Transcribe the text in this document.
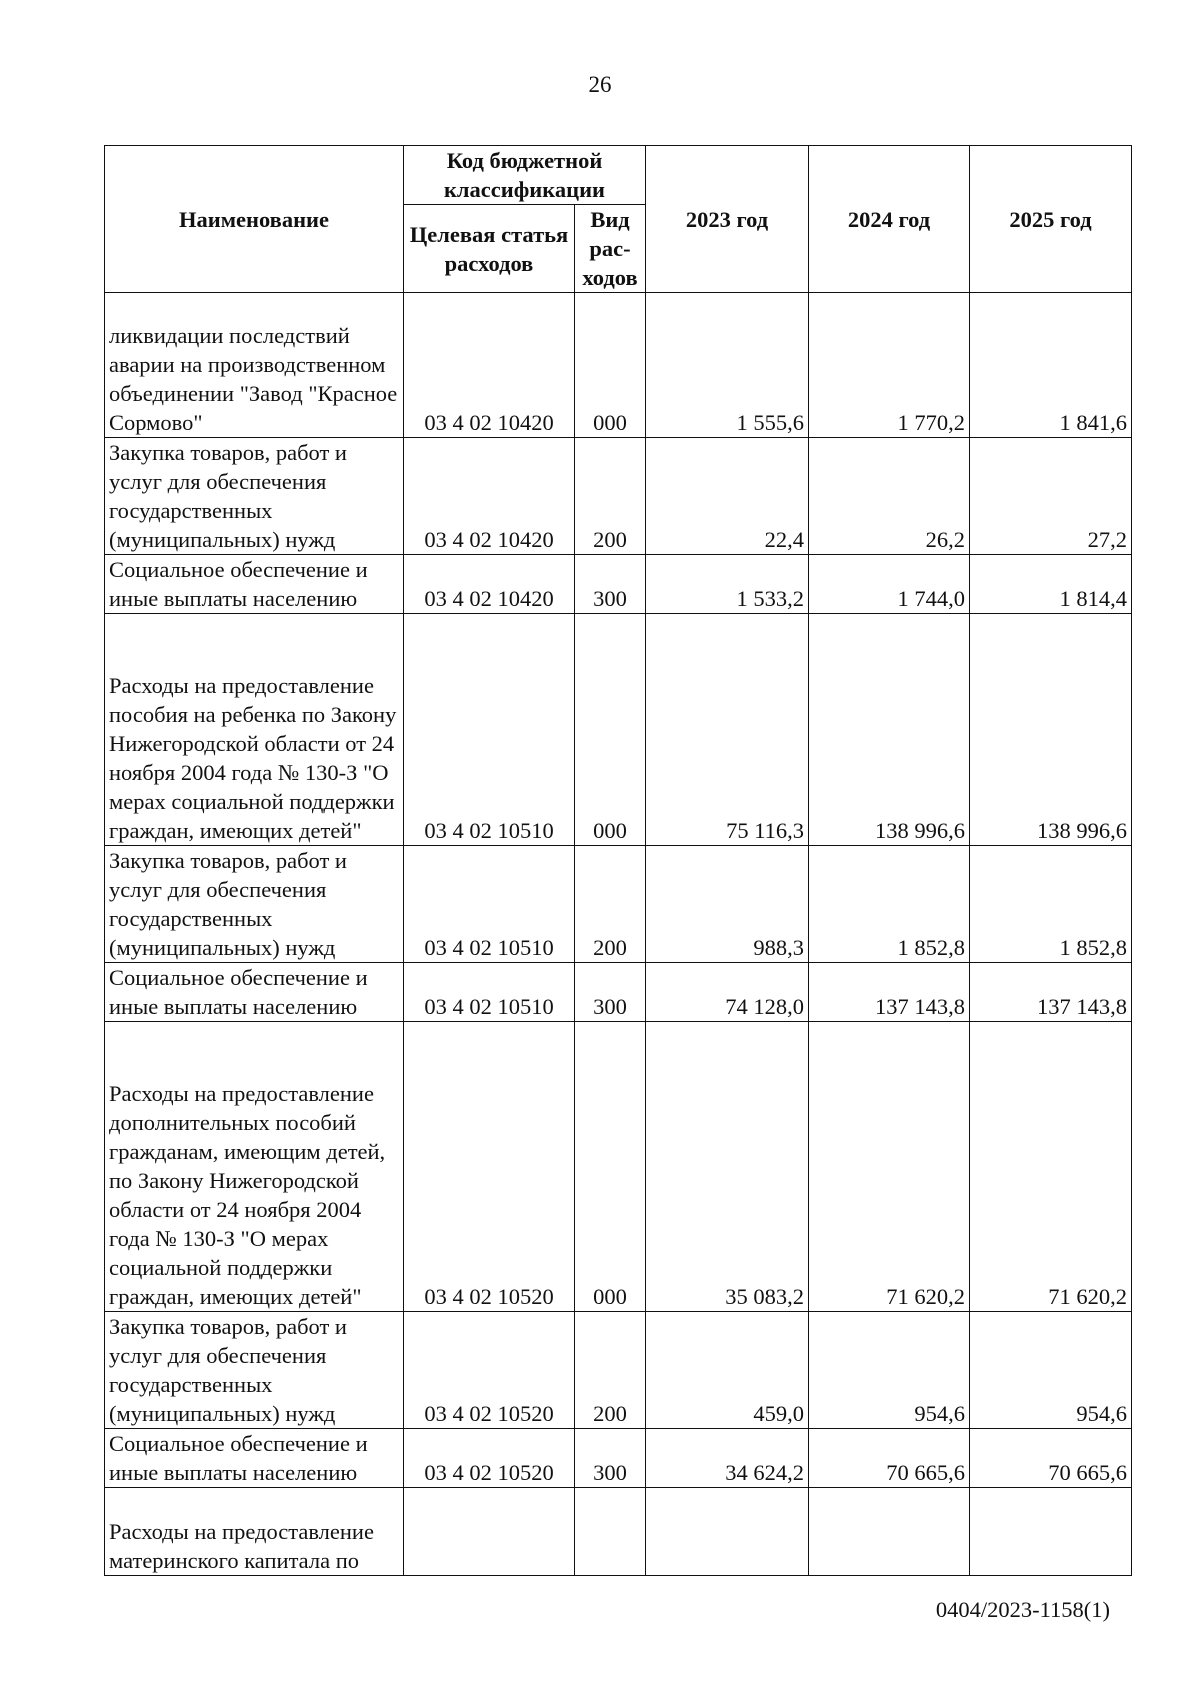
26
Наименование	Код бюджетной классификации		2023 год	2024 год	2025 год
	Целевая статья расходов	Вид рас-ходов			
ликвидации последствий аварии на производственном объединении "Завод "Красное Сормово"	03 4 02 10420	000	1 555,6	1 770,2	1 841,6
Закупка товаров, работ и услуг для обеспечения государственных (муниципальных) нужд	03 4 02 10420	200	22,4	26,2	27,2
Социальное обеспечение и иные выплаты населению	03 4 02 10420	300	1 533,2	1 744,0	1 814,4
Расходы на предоставление пособия на ребенка по Закону Нижегородской области от 24 ноября 2004 года № 130-З "О мерах социальной поддержки граждан, имеющих детей"	03 4 02 10510	000	75 116,3	138 996,6	138 996,6
Закупка товаров, работ и услуг для обеспечения государственных (муниципальных) нужд	03 4 02 10510	200	988,3	1 852,8	1 852,8
Социальное обеспечение и иные выплаты населению	03 4 02 10510	300	74 128,0	137 143,8	137 143,8
Расходы на предоставление дополнительных пособий гражданам, имеющим детей, по Закону Нижегородской области от 24 ноября 2004 года № 130-З "О мерах социальной поддержки граждан, имеющих детей"	03 4 02 10520	000	35 083,2	71 620,2	71 620,2
Закупка товаров, работ и услуг для обеспечения государственных (муниципальных) нужд	03 4 02 10520	200	459,0	954,6	954,6
Социальное обеспечение и иные выплаты населению	03 4 02 10520	300	34 624,2	70 665,6	70 665,6
Расходы на предоставление материнского капитала по					
0404/2023-1158(1)
